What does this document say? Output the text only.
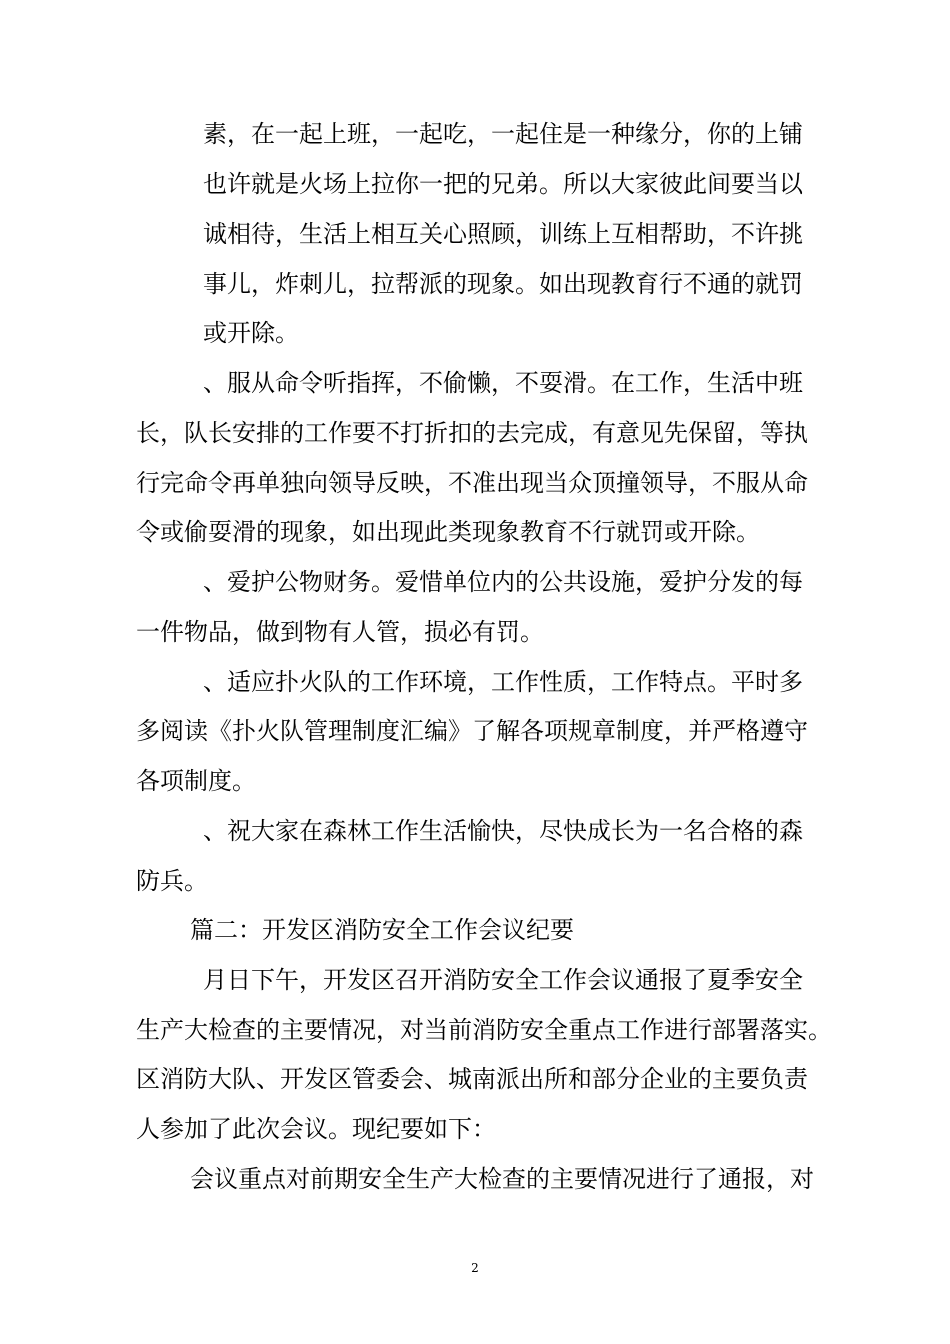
素，在一起上班，一起吃，一起住是一种缘分，你的上铺
也许就是火场上拉你一把的兄弟。所以大家彼此间要当以
诚相待，生活上相互关心照顾，训练上互相帮助，不许挑
事儿，炸刺儿，拉帮派的现象。如出现教育行不通的就罚
或开除。
、服从命令听指挥，不偷懒，不耍滑。在工作，生活中班
长，队长安排的工作要不打折扣的去完成，有意见先保留，等执
行完命令再单独向领导反映，不准出现当众顶撞领导，不服从命
令或偷耍滑的现象，如出现此类现象教育不行就罚或开除。
、爱护公物财务。爱惜单位内的公共设施，爱护分发的每
一件物品，做到物有人管，损必有罚。
、适应扑火队的工作环境，工作性质，工作特点。平时多
多阅读《扑火队管理制度汇编》了解各项规章制度，并严格遵守
各项制度。
、祝大家在森林工作生活愉快，尽快成长为一名合格的森
防兵。
篇二：开发区消防安全工作会议纪要
月日下午，开发区召开消防安全工作会议通报了夏季安全
生产大检查的主要情况，对当前消防安全重点工作进行部署落实。
区消防大队、开发区管委会、城南派出所和部分企业的主要负责
人参加了此次会议。现纪要如下：
会议重点对前期安全生产大检查的主要情况进行了通报，对
2
